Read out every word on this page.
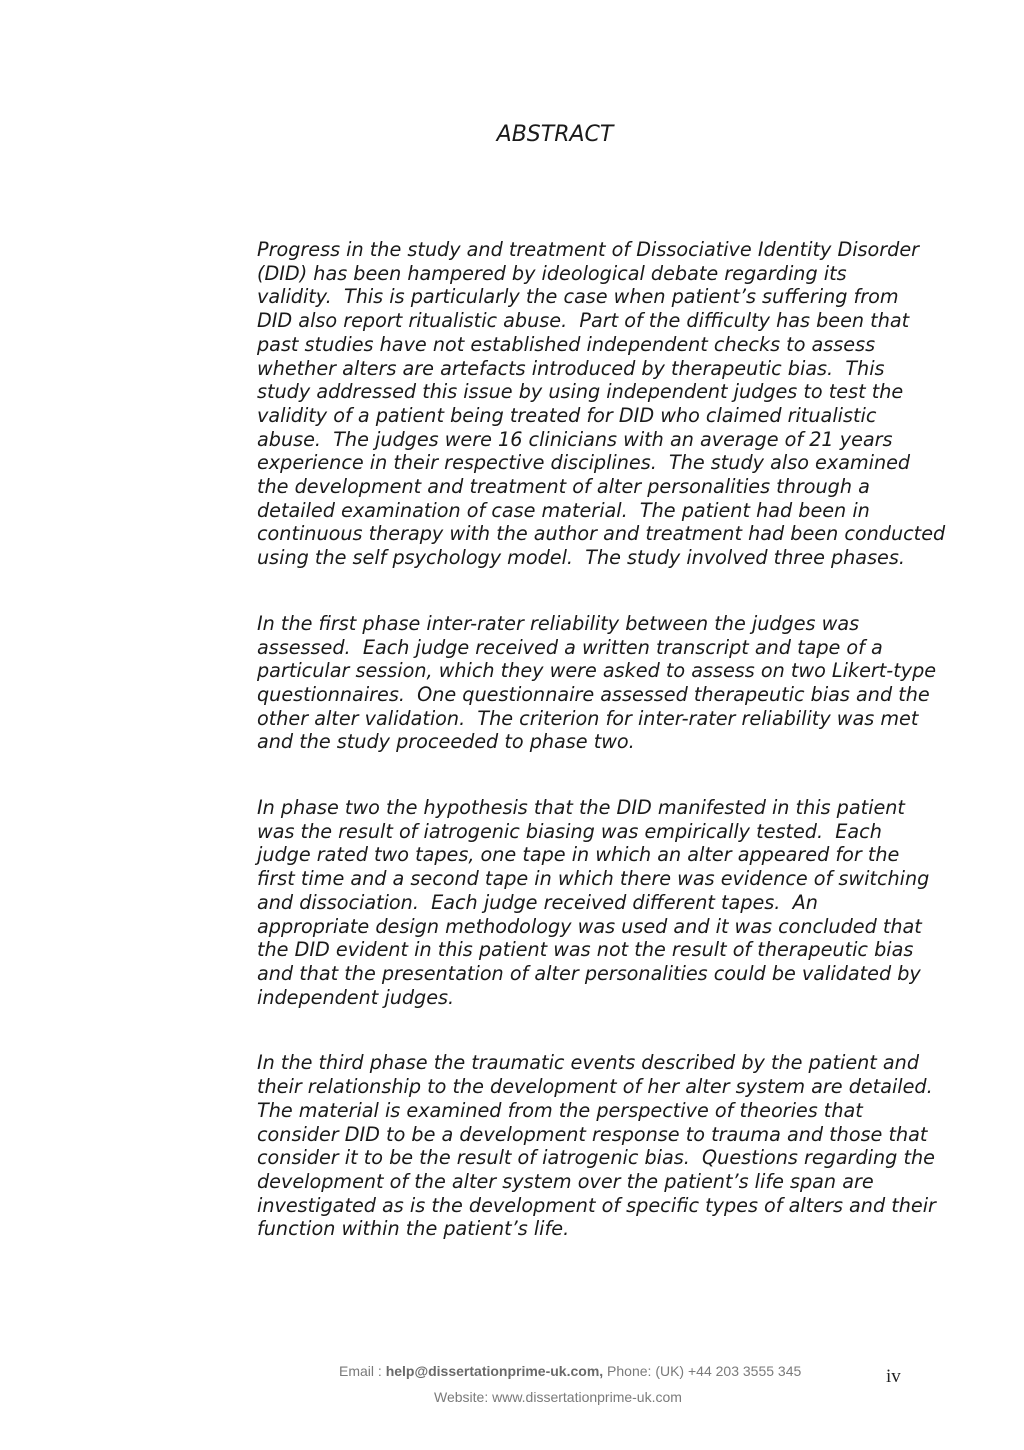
ABSTRACT
Progress in the study and treatment of Dissociative Identity Disorder
(DID) has been hampered by ideological debate regarding its
validity.  This is particularly the case when patient’s suffering from
DID also report ritualistic abuse.  Part of the difficulty has been that
past studies have not established independent checks to assess
whether alters are artefacts introduced by therapeutic bias.  This
study addressed this issue by using independent judges to test the
validity of a patient being treated for DID who claimed ritualistic
abuse.  The judges were 16 clinicians with an average of 21 years
experience in their respective disciplines.  The study also examined
the development and treatment of alter personalities through a
detailed examination of case material.  The patient had been in
continuous therapy with the author and treatment had been conducted
using the self psychology model.  The study involved three phases.
In the first phase inter-rater reliability between the judges was
assessed.  Each judge received a written transcript and tape of a
particular session, which they were asked to assess on two Likert-type
questionnaires.  One questionnaire assessed therapeutic bias and the
other alter validation.  The criterion for inter-rater reliability was met
and the study proceeded to phase two.
In phase two the hypothesis that the DID manifested in this patient
was the result of iatrogenic biasing was empirically tested.  Each
judge rated two tapes, one tape in which an alter appeared for the
first time and a second tape in which there was evidence of switching
and dissociation.  Each judge received different tapes.  An
appropriate design methodology was used and it was concluded that
the DID evident in this patient was not the result of therapeutic bias
and that the presentation of alter personalities could be validated by
independent judges.
In the third phase the traumatic events described by the patient and
their relationship to the development of her alter system are detailed.
The material is examined from the perspective of theories that
consider DID to be a development response to trauma and those that
consider it to be the result of iatrogenic bias.  Questions regarding the
development of the alter system over the patient’s life span are
investigated as is the development of specific types of alters and their
function within the patient’s life.
Email : help@dissertationprime-uk.com, Phone: (UK) +44 203 3555 345
Website: www.dissertationprime-uk.com
iv
